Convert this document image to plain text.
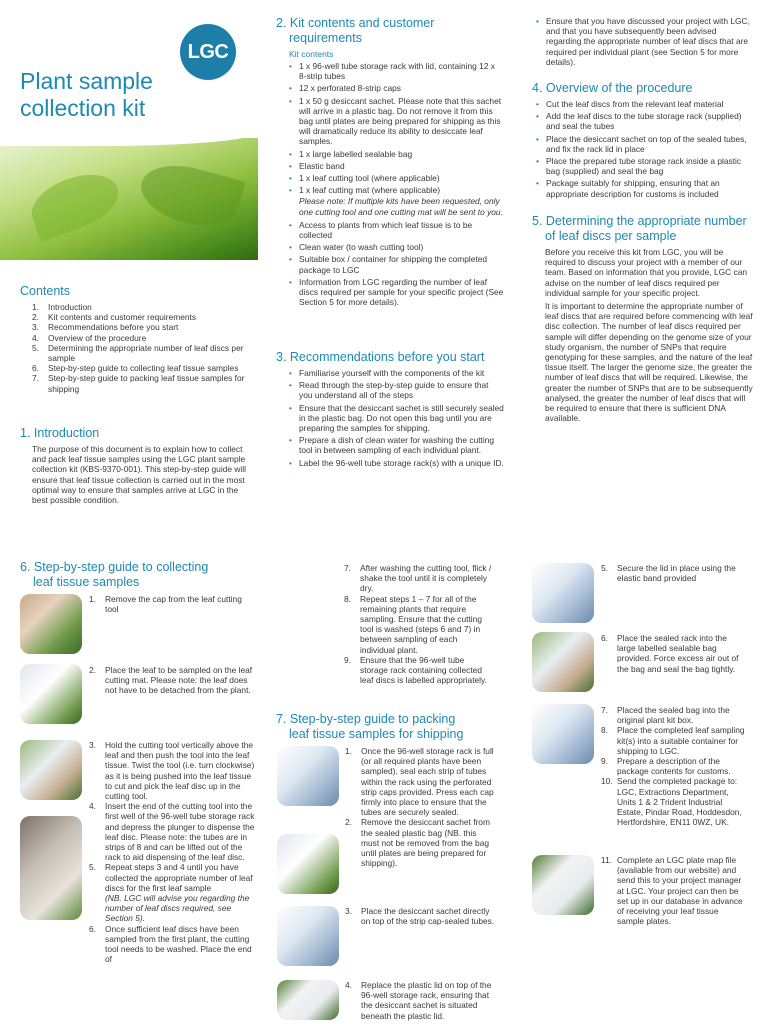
LGC
Plant sample
collection kit
Contents
1. Introduction
2. Kit contents and customer requirements
3. Recommendations before you start
4. Overview of the procedure
5. Determining the appropriate number of leaf discs per sample
6. Step-by-step guide to collecting leaf tissue samples
7. Step-by-step guide to packing leaf tissue samples for shipping
1. Introduction

The purpose of this document is to explain how to collect and pack leaf tissue samples using the LGC plant sample collection kit (KBS-9370-001). This step-by-step guide will ensure that leaf tissue collection is carried out in the most optimal way to ensure that samples arrive at LGC in the best possible condition.

2. Kit contents and customer
requirements
Kit contents
• 1 x 96-well tube storage rack with lid, containing 12 x 8-strip tubes
• 12 x perforated 8-strip caps
• 1 x 50 g desiccant sachet. Please note that this sachet will arrive in a plastic bag. Do not remove it from this bag until plates are being prepared for shipping as this will dramatically reduce its ability to desiccate leaf samples.
• 1 x large labelled sealable bag
• Elastic band
• 1 x leaf cutting tool (where applicable)
• 1 x leaf cutting mat (where applicable)

Please note: If multiple kits have been requested, only one cutting tool and one cutting mat will be sent to you.

• Access to plants from which leaf tissue is to be collected
• Clean water (to wash cutting tool)
• Suitable box / container for shipping the completed package to LGC
• Information from LGC regarding the number of leaf discs required per sample for your specific project (See Section 5 for more details).
3. Recommendations before you start
• Familiarise yourself with the components of the kit
• Read through the step-by-step guide to ensure that you understand all of the steps
• Ensure that the desiccant sachet is still securely sealed in the plastic bag. Do not open this bag until you are preparing the samples for shipping.
• Prepare a dish of clean water for washing the cutting tool in between sampling of each individual plant.
• Label the 96-well tube storage rack(s) with a unique ID.
• Ensure that you have discussed your project with LGC, and that you have subsequently been advised regarding the appropriate number of leaf discs that are required per individual plant (see Section 5 for more details).
4. Overview of the procedure
• Cut the leaf discs from the relevant leaf material
• Add the leaf discs to the tube storage rack (supplied) and seal the tubes
• Place the desiccant sachet on top of the sealed tubes, and fix the rack lid in place
• Place the prepared tube storage rack inside a plastic bag (supplied) and seal the bag
• Package suitably for shipping, ensuring that an appropriate description for customs is included
5. Determining the appropriate number
of leaf discs per sample

Before you receive this kit from LGC, you will be required to discuss your project with a member of our team. Based on information that you provide, LGC can advise on the number of leaf discs required per individual sample for your specific project.

It is important to determine the appropriate number of leaf discs that are required before commencing with leaf disc collection. The number of leaf discs required per sample will differ depending on the genome size of your study organism, the number of SNPs that require genotyping for these samples, and the nature of the leaf tissue itself. The larger the genome size, the greater the number of leaf discs that will be required. Likewise, the greater the number of SNPs that are to be subsequently analysed, the greater the number of leaf discs that will be required to ensure that there is sufficient DNA available.

6. Step-by-step guide to collecting
leaf tissue samples
1. Remove the cap from the leaf cutting tool
2. Place the leaf to be sampled on the leaf cutting mat. Please note: the leaf does not have to be detached from the plant.
3. Hold the cutting tool vertically above the leaf and then push the tool into the leaf tissue. Twist the tool (i.e. turn clockwise) as it is being pushed into the leaf tissue to cut and pick the leaf disc up in the cutting tool.
4. Insert the end of the cutting tool into the first well of the 96-well tube storage rack and depress the plunger to dispense the leaf disc. Please note: the tubes are in strips of 8 and can be lifted out of the rack to aid dispensing of the leaf disc.
5. Repeat steps 3 and 4 until you have collected the appropriate number of leaf discs for the first leaf sample
(NB. LGC will advise you regarding the number of leaf discs required, see Section 5).
6. Once sufficient leaf discs have been sampled from the first plant, the cutting tool needs to be washed. Place the end of
7. After washing the cutting tool, flick / shake the tool until it is completely dry.
8. Repeat steps 1 – 7 for all of the remaining plants that require sampling. Ensure that the cutting tool is washed (steps 6 and 7) in between sampling of each individual plant.
9. Ensure that the 96-well tube storage rack containing collected leaf discs is labelled appropriately.
7. Step-by-step guide to packing
leaf tissue samples for shipping
1. Once the 96-well storage rack is full (or all required plants have been sampled), seal each strip of tubes within the rack using the perforated strip caps provided. Press each cap firmly into place to ensure that the tubes are securely sealed.
2. Remove the desiccant sachet from the sealed plastic bag (NB. this must not be removed from the bag until plates are being prepared for shipping).
3. Place the desiccant sachet directly on top of the strip cap-sealed tubes.
4. Replace the plastic lid on top of the 96-well storage rack, ensuring that the desiccant sachet is situated beneath the plastic lid.
5. Secure the lid in place using the elastic band provided
6. Place the sealed rack into the large labelled sealable bag provided. Force excess air out of the bag and seal the bag tightly.
7. Placed the sealed bag into the original plant kit box.
8. Place the completed leaf sampling kit(s) into a suitable container for shipping to LGC.
9. Prepare a description of the package contents for customs.
10. Send the completed package to: LGC, Extractions Department, Units 1 & 2 Trident Industrial Estate, Pindar Road, Hoddesdon, Hertfordshire, EN11 0WZ, UK.
11. Complete an LGC plate map file (available from our website) and send this to your project manager at LGC. Your project can then be set up in our database in advance of receiving your leaf tissue sample plates.
